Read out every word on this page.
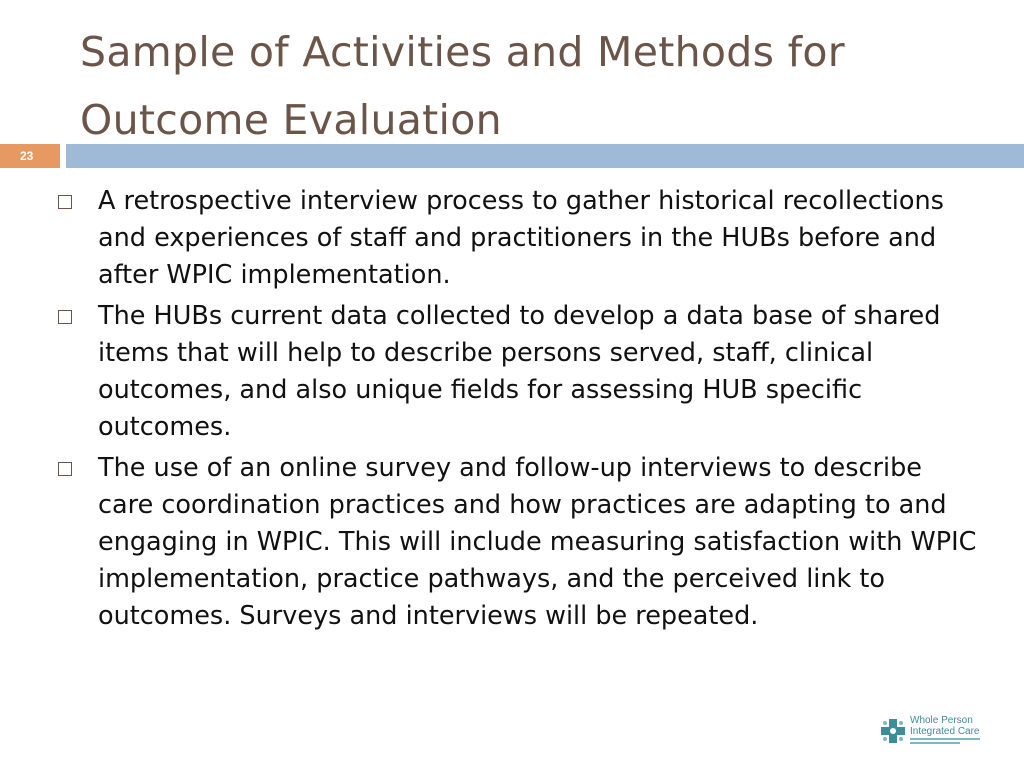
Sample of Activities and Methods for
Outcome Evaluation
23
A retrospective interview process to gather historical recollections and experiences of staff and practitioners in the HUBs before and after WPIC implementation.
The HUBs current data collected to develop a data base of shared items that will help to describe persons served, staff, clinical outcomes, and also unique fields for assessing HUB specific outcomes.
The use of an online survey and follow-up interviews to describe care coordination practices and how practices are adapting to and engaging in WPIC. This will include measuring satisfaction with WPIC implementation, practice pathways, and the perceived link to outcomes. Surveys and interviews will be repeated.
Whole Person
Integrated Care
